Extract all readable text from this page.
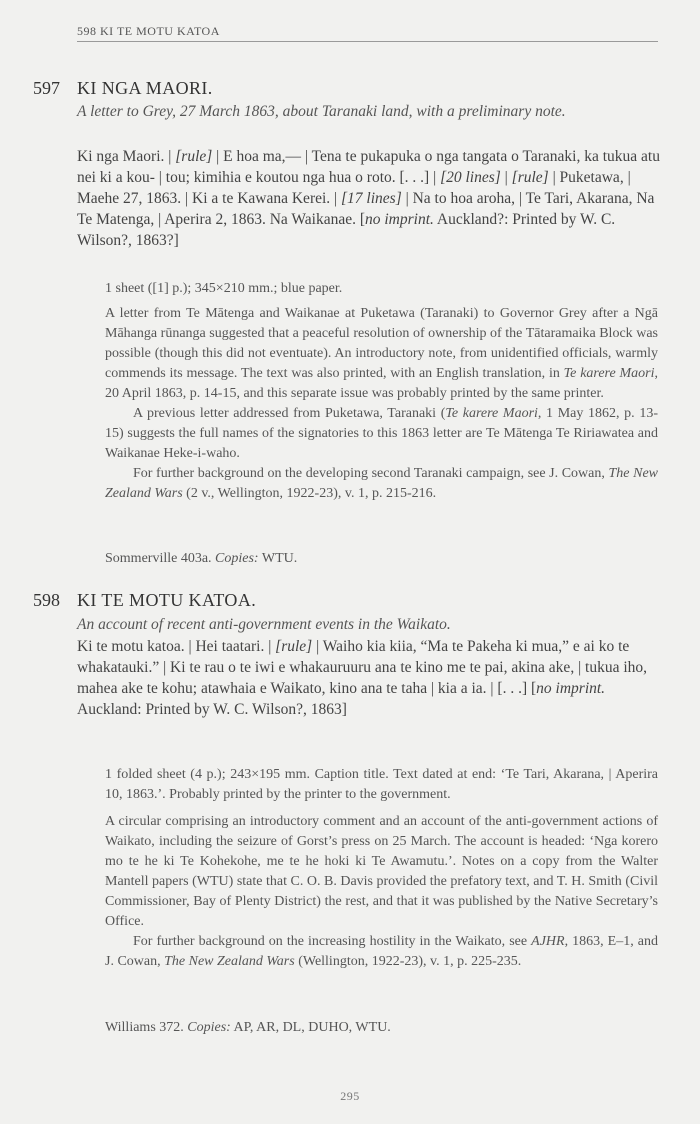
598 KI TE MOTU KATOA
597 KI NGA MAORI.
A letter to Grey, 27 March 1863, about Taranaki land, with a preliminary note.
Ki nga Maori. | [rule] | E hoa ma,— | Tena te pukapuka o nga tangata o Taranaki, ka tukua atu nei ki a kou- | tou; kimihia e koutou nga hua o roto. [. . .] | [20 lines] | [rule] | Puketawa, | Maehe 27, 1863. | Ki a te Kawana Kerei. | [17 lines] | Na to hoa aroha, | Te Tari, Akarana, Na Te Matenga, | Aperira 2, 1863. Na Waikanae. [no imprint. Auckland?: Printed by W. C. Wilson?, 1863?]
1 sheet ([1] p.); 345×210 mm.; blue paper.
A letter from Te Mātenga and Waikanae at Puketawa (Taranaki) to Governor Grey after a Ngā Māhanga rūnanga suggested that a peaceful resolution of ownership of the Tātaramaika Block was possible (though this did not eventuate). An introductory note, from unidentified officials, warmly commends its message. The text was also printed, with an English translation, in Te karere Maori, 20 April 1863, p. 14-15, and this separate issue was probably printed by the same printer.
A previous letter addressed from Puketawa, Taranaki (Te karere Maori, 1 May 1862, p. 13-15) suggests the full names of the signatories to this 1863 letter are Te Mātenga Te Ririawatea and Waikanae Heke-i-waho.
For further background on the developing second Taranaki campaign, see J. Cowan, The New Zealand Wars (2 v., Wellington, 1922-23), v. 1, p. 215-216.
Sommerville 403a. Copies: WTU.
598 KI TE MOTU KATOA.
An account of recent anti-government events in the Waikato.
Ki te motu katoa. | Hei taatari. | [rule] | Waiho kia kiia, “Ma te Pakeha ki mua,” e ai ko te whakatauki.” | Ki te rau o te iwi e whakauruuru ana te kino me te pai, akina ake, | tukua iho, mahea ake te kohu; atawhaia e Waikato, kino ana te taha | kia a ia. | [. . .] [no imprint. Auckland: Printed by W. C. Wilson?, 1863]
1 folded sheet (4 p.); 243×195 mm. Caption title. Text dated at end: ‘Te Tari, Akarana, | Aperira 10, 1863.’. Probably printed by the printer to the government.
A circular comprising an introductory comment and an account of the anti-government actions of Waikato, including the seizure of Gorst’s press on 25 March. The account is headed: ‘Nga korero mo te he ki Te Kohekohe, me te he hoki ki Te Awamutu.’. Notes on a copy from the Walter Mantell papers (WTU) state that C. O. B. Davis provided the prefatory text, and T. H. Smith (Civil Commissioner, Bay of Plenty District) the rest, and that it was published by the Native Secretary’s Office.
For further background on the increasing hostility in the Waikato, see AJHR, 1863, E–1, and J. Cowan, The New Zealand Wars (Wellington, 1922-23), v. 1, p. 225-235.
Williams 372. Copies: AP, AR, DL, DUHO, WTU.
295
